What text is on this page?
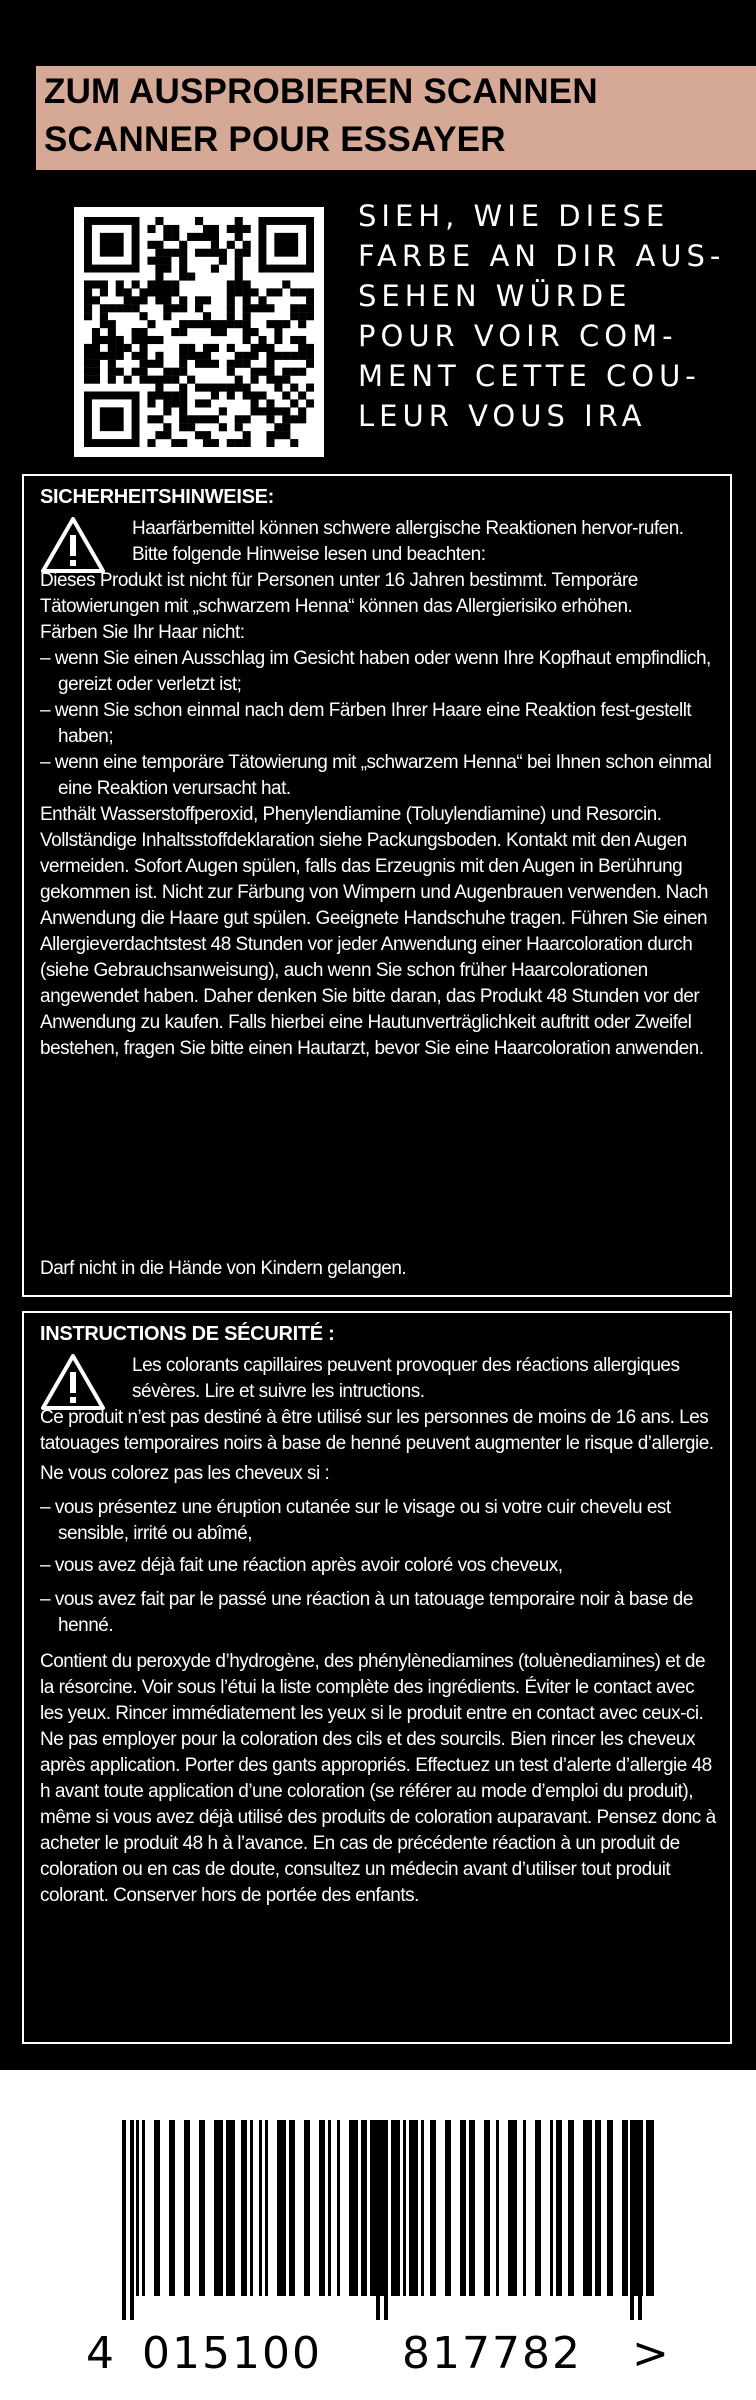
ZUM AUSPROBIEREN SCANNEN
SCANNER POUR ESSAYER
SIEH, WIE DIESE
FARBE AN DIR AUS-
SEHEN WÜRDE
POUR VOIR COM-
MENT CETTE COU-
LEUR VOUS IRA
SICHERHEITSHINWEISE:
Haarfärbemittel können schwere allergische Reaktionen hervor-rufen. Bitte folgende Hinweise lesen und beachten:
Dieses Produkt ist nicht für Personen unter 16 Jahren bestimmt. Temporäre Tätowierungen mit „schwarzem Henna“ können das Allergierisiko erhöhen.
Färben Sie Ihr Haar nicht:
– wenn Sie einen Ausschlag im Gesicht haben oder wenn Ihre Kopfhaut empfindlich, gereizt oder verletzt ist;
– wenn Sie schon einmal nach dem Färben Ihrer Haare eine Reaktion fest-gestellt haben;
– wenn eine temporäre Tätowierung mit „schwarzem Henna“ bei Ihnen schon einmal eine Reaktion verursacht hat.
Enthält Wasserstoffperoxid, Phenylendiamine (Toluylendiamine) und Resorcin. Vollständige Inhaltsstoffdeklaration siehe Packungsboden. Kontakt mit den Augen vermeiden. Sofort Augen spülen, falls das Erzeugnis mit den Augen in Berührung gekommen ist. Nicht zur Färbung von Wimpern und Augenbrauen verwenden. Nach Anwendung die Haare gut spülen. Geeignete Handschuhe tragen. Führen Sie einen Allergieverdachtstest 48 Stunden vor jeder Anwendung einer Haarcoloration durch (siehe Gebrauchsanweisung), auch wenn Sie schon früher Haarcolorationen angewendet haben. Daher denken Sie bitte daran, das Produkt 48 Stunden vor der Anwendung zu kaufen. Falls hierbei eine Hautunverträglichkeit auftritt oder Zweifel bestehen, fragen Sie bitte einen Hautarzt, bevor Sie eine Haarcoloration anwenden.
Darf nicht in die Hände von Kindern gelangen.
INSTRUCTIONS DE SÉCURITÉ :
Les colorants capillaires peuvent provoquer des réactions allergiques sévères. Lire et suivre les intructions.
Ce produit n’est pas destiné à être utilisé sur les personnes de moins de 16 ans. Les tatouages temporaires noirs à base de henné peuvent augmenter le risque d’allergie.
Ne vous colorez pas les cheveux si :
– vous présentez une éruption cutanée sur le visage ou si votre cuir chevelu est sensible, irrité ou abîmé,
– vous avez déjà fait une réaction après avoir coloré vos cheveux,
– vous avez fait par le passé une réaction à un tatouage temporaire noir à base de henné.
Contient du peroxyde d’hydrogène, des phénylènediamines (toluènediamines) et de la résorcine. Voir sous l’étui la liste complète des ingrédients. Éviter le contact avec les yeux. Rincer immédiatement les yeux si le produit entre en contact avec ceux-ci. Ne pas employer pour la coloration des cils et des sourcils. Bien rincer les cheveux après application. Porter des gants appropriés. Effectuez un test d’alerte d’allergie 48 h avant toute application d’une coloration (se référer au mode d’emploi du produit), même si vous avez déjà utilisé des produits de coloration auparavant. Pensez donc à acheter le produit 48 h à l’avance. En cas de précédente réaction à un produit de coloration ou en cas de doute, consultez un médecin avant d’utiliser tout produit colorant. Conserver hors de portée des enfants.
4 015100 817782 >
